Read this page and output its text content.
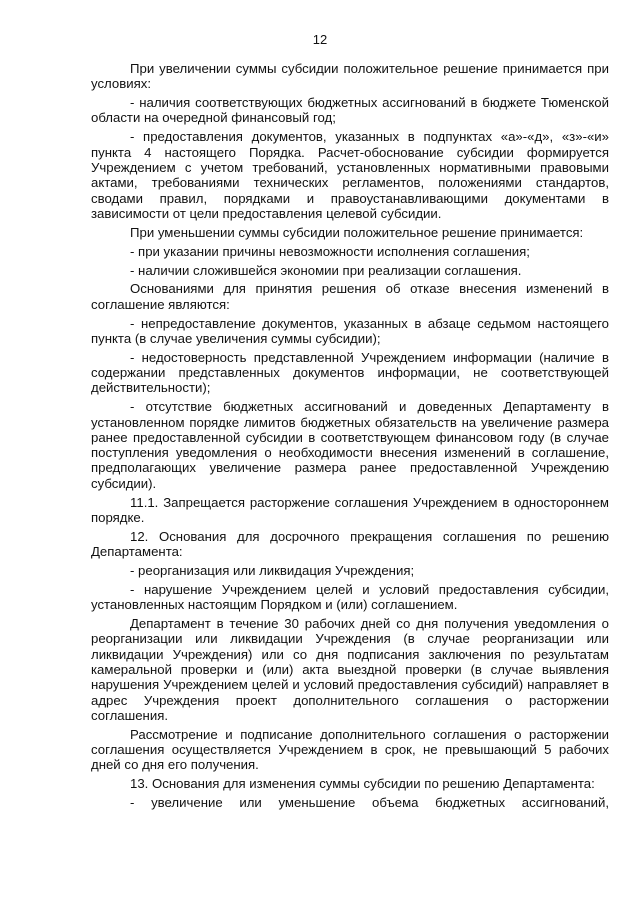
12

При увеличении суммы субсидии положительное решение принимается при условиях:

- наличия соответствующих бюджетных ассигнований в бюджете Тюменской области на очередной финансовый год;

- предоставления документов, указанных в подпунктах «а»-«д», «з»-«и» пункта 4 настоящего Порядка. Расчет-обоснование субсидии формируется Учреждением с учетом требований, установленных нормативными правовыми актами, требованиями технических регламентов, положениями стандартов, сводами правил, порядками и правоустанавливающими документами в зависимости от цели предоставления целевой субсидии.

При уменьшении суммы субсидии положительное решение принимается:

- при указании причины невозможности исполнения соглашения;

- наличии сложившейся экономии при реализации соглашения.

Основаниями для принятия решения об отказе внесения изменений в соглашение являются:

- непредоставление документов, указанных в абзаце седьмом настоящего пункта (в случае увеличения суммы субсидии);

- недостоверность представленной Учреждением информации (наличие в содержании представленных документов информации, не соответствующей действительности);

- отсутствие бюджетных ассигнований и доведенных Департаменту в установленном порядке лимитов бюджетных обязательств на увеличение размера ранее предоставленной субсидии в соответствующем финансовом году (в случае поступления уведомления о необходимости внесения изменений в соглашение, предполагающих увеличение размера ранее предоставленной Учреждению субсидии).

11.1. Запрещается расторжение соглашения Учреждением в одностороннем порядке.

12. Основания для досрочного прекращения соглашения по решению Департамента:

- реорганизация или ликвидация Учреждения;

- нарушение Учреждением целей и условий предоставления субсидии, установленных настоящим Порядком и (или) соглашением.

Департамент в течение 30 рабочих дней со дня получения уведомления о реорганизации или ликвидации Учреждения (в случае реорганизации или ликвидации Учреждения) или со дня подписания заключения по результатам камеральной проверки и (или) акта выездной проверки (в случае выявления нарушения Учреждением целей и условий предоставления субсидий) направляет в адрес Учреждения проект дополнительного соглашения о расторжении соглашения.

Рассмотрение и подписание дополнительного соглашения о расторжении соглашения осуществляется Учреждением в срок, не превышающий 5 рабочих дней со дня его получения.

13. Основания для изменения суммы субсидии по решению Департамента:

- увеличение или уменьшение объема бюджетных ассигнований,
